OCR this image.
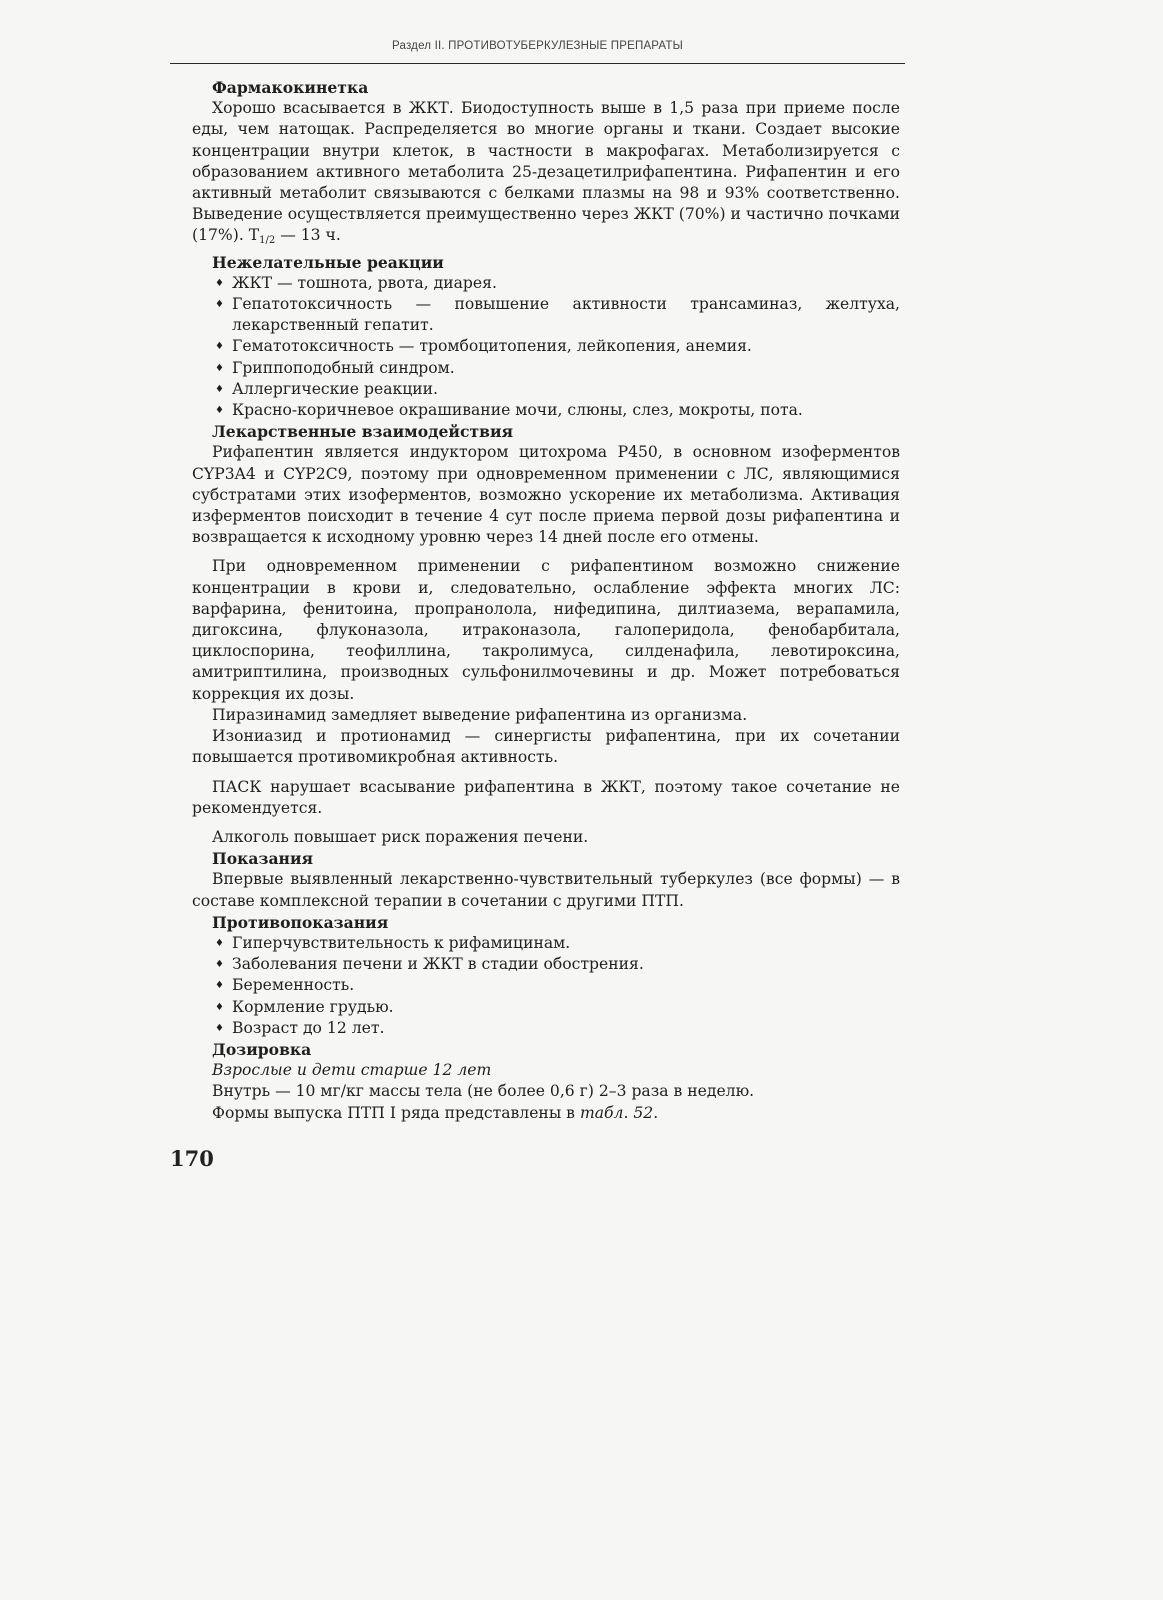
Раздел II. ПРОТИВОТУБЕРКУЛЕЗНЫЕ ПРЕПАРАТЫ
Фармакокинетка

Хорошо всасывается в ЖКТ. Биодоступность выше в 1,5 раза при приеме после еды, чем натощак. Распределяется во многие органы и ткани. Создает высокие концентрации внутри клеток, в частности в макрофагах. Метаболизируется с образованием активного метаболита 25-дезацетилрифапентина. Рифапентин и его активный метаболит связываются с белками плазмы на 98 и 93% соответственно. Выведение осуществляется преимущественно через ЖКТ (70%) и частично почками (17%). $Т_{1/2}$ — 13 ч.

Нежелательные реакции
♦ ЖКТ — тошнота, рвота, диарея.
♦ Гепатотоксичность — повышение активности трансаминаз, желтуха, лекарственный гепатит.
♦ Гематотоксичность — тромбоцитопения, лейкопения, анемия.
♦ Гриппоподобный синдром.
♦ Аллергические реакции.
♦ Красно-коричневое окрашивание мочи, слюны, слез, мокроты, пота.
Лекарственные взаимодействия

Рифапентин является индуктором цитохрома P450, в основном изоферментов CYP3A4 и CYP2C9, поэтому при одновременном применении с ЛС, являющимися субстратами этих изоферментов, возможно ускорение их метаболизма. Активация изферментов поисходит в течение 4 сут после приема первой дозы рифапентина и возвращается к исходному уровню через 14 дней после его отмены.

При одновременном применении с рифапентином возможно снижение концентрации в крови и, следовательно, ослабление эффекта многих ЛС: варфарина, фенитоина, пропранолола, нифедипина, дилтиазема, верапамила, дигоксина, флуконазола, итраконазола, галоперидола, фенобарбитала, циклоспорина, теофиллина, такролимуса, силденафила, левотироксина, амитриптилина, производных сульфонилмочевины и др. Может потребоваться коррекция их дозы.

Пиразинамид замедляет выведение рифапентина из организма.

Изониазид и протионамид — синергисты рифапентина, при их сочетании повышается противомикробная активность.

ПАСК нарушает всасывание рифапентина в ЖКТ, поэтому такое сочетание не рекомендуется.

Алкоголь повышает риск поражения печени.

Показания

Впервые выявленный лекарственно-чувствительный туберкулез (все формы) — в составе комплексной терапии в сочетании с другими ПТП.

Противопоказания
♦ Гиперчувствительность к рифамицинам.
♦ Заболевания печени и ЖКТ в стадии обострения.
♦ Беременность.
♦ Кормление грудью.
♦ Возраст до 12 лет.
Дозировка

Взрослые и дети старше 12 лет

Внутрь — 10 мг/кг массы тела (не более 0,6 г) 2–3 раза в неделю.

Формы выпуска ПТП I ряда представлены в табл. 52.

170
